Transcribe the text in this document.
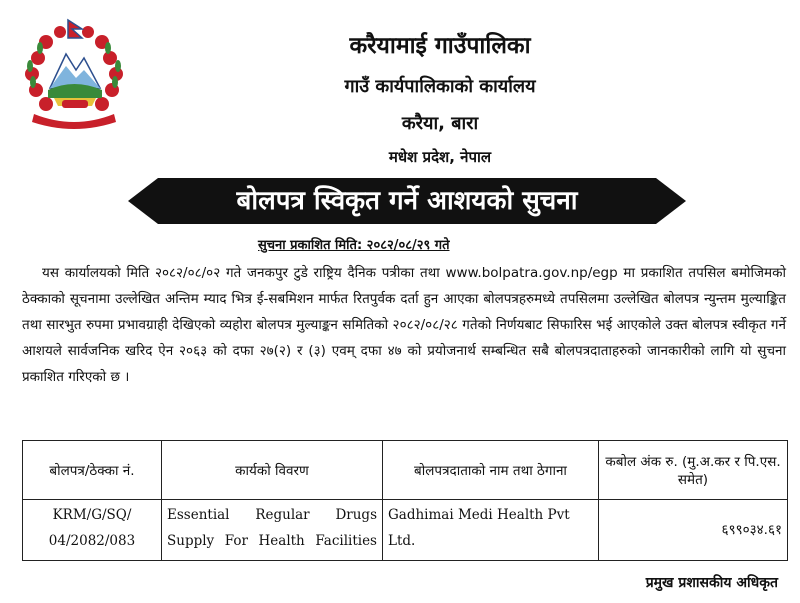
करैयामाई गाउँपालिका
गाउँ कार्यपालिकाको कार्यालय
करैया, बारा
मधेश प्रदेश, नेपाल
बोलपत्र स्विकृत गर्ने आशयको सुचना
सुचना प्रकाशित मिति: २०८२/०८/२९ गते
यस कार्यालयको मिति २०८२/०८/०२ गते जनकपुर टुडे राष्ट्रिय दैनिक पत्रीका तथा www.bolpatra.gov.np/egp मा प्रकाशित तपसिल बमोजिमको ठेक्काको सूचनामा उल्लेखित अन्तिम म्याद भित्र ई-सबमिशन मार्फत रितपुर्वक दर्ता हुन आएका बोलपत्रहरुमध्ये तपसिलमा उल्लेखित बोलपत्र न्युन्तम मुल्याङ्कित तथा सारभुत रुपमा प्रभावग्राही देखिएको व्यहोरा बोलपत्र मुल्याङ्कन समितिको २०८२/०८/२८ गतेको निर्णयबाट सिफारिस भई आएकोले उक्त बोलपत्र स्वीकृत गर्ने आशयले सार्वजनिक खरिद ऐन २०६३ को दफा २७(२) र (३) एवम् दफा ४७ को प्रयोजनार्थ सम्बन्धित सबै बोलपत्रदाताहरुको जानकारीको लागि यो सुचना प्रकाशित गरिएको छ ।
बोलपत्र/ठेक्का नं.	कार्यको विवरण	बोलपत्रदाताको नाम तथा ठेगाना	कबोल अंक रु. (मु.अ.कर र पि.एस. समेत)
KRM/G/SQ/ 04/2082/083	Essential Regular Drugs Supply For Health Facilities	Gadhimai Medi Health Pvt Ltd.	६९९०३४.६१
प्रमुख प्रशासकीय अधिकृत
